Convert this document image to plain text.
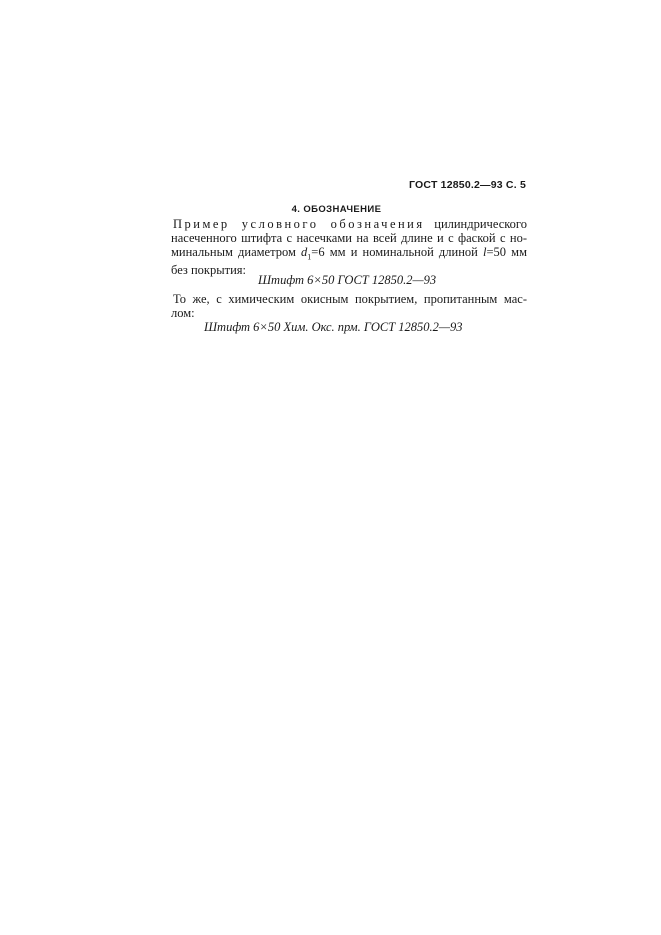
ГОСТ 12850.2—93 С. 5
4. ОБОЗНАЧЕНИЕ
Пример условного обозначения цилиндрического
насеченного штифта с насечками на всей длине и с фаской с но-
минальным диаметром $d_1=6$ мм и номинальной длиной l=50 мм
без покрытия:
Штифт 6×50 ГОСТ 12850.2—93
То же, с химическим окисным покрытием, пропитанным мас-
лом:
Штифт 6×50 Хим. Окс. прм. ГОСТ 12850.2—93
